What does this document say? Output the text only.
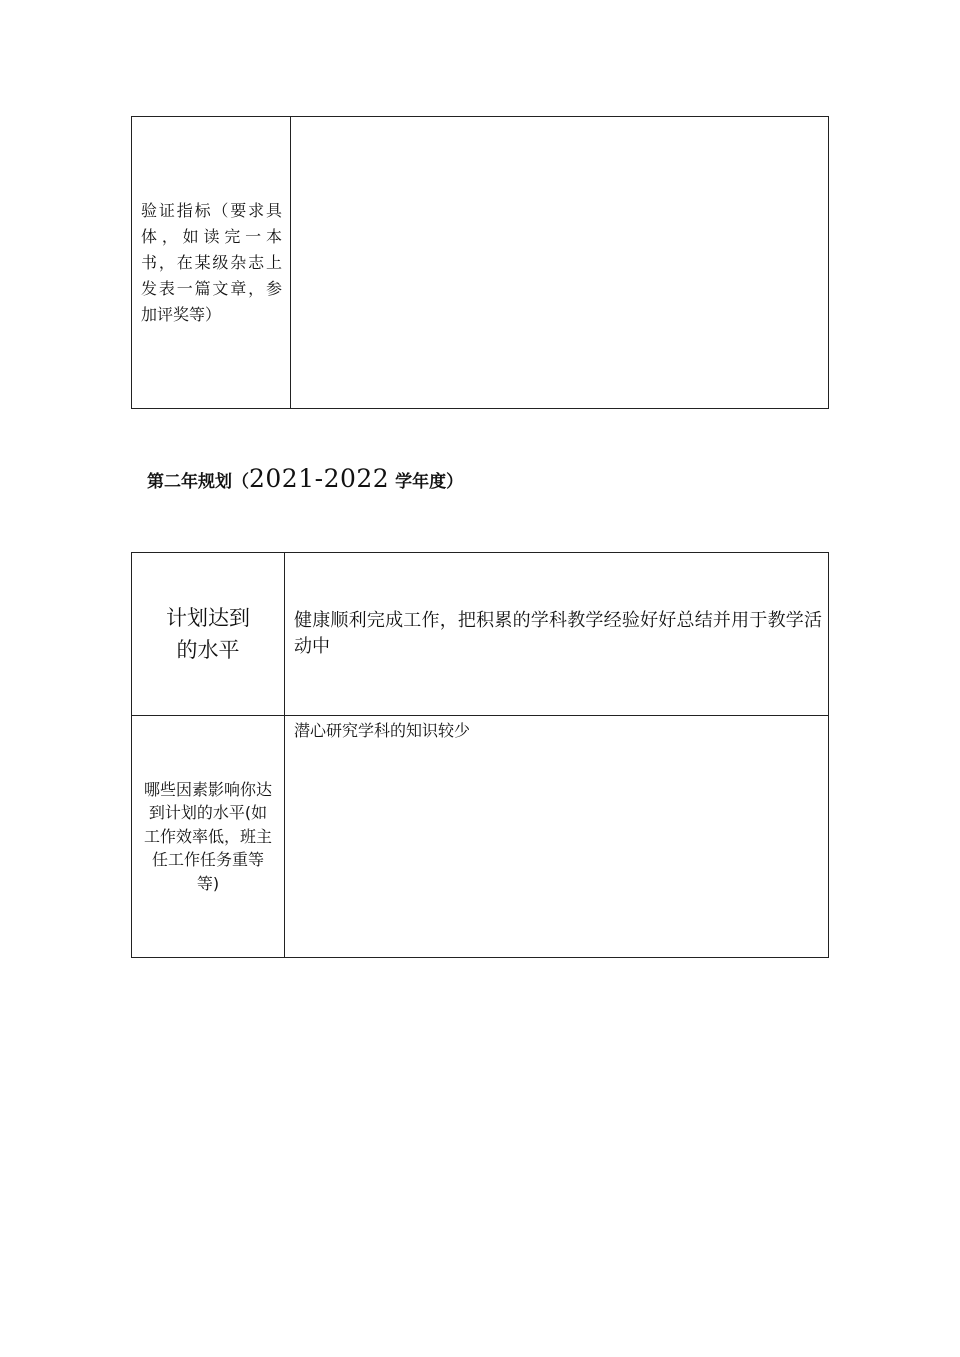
验证指标（要求具体，如读完一本书，在某级杂志上发表一篇文章，参加评奖等）	
第二年规划（2021-2022 学年度）
计划达到
的水平	健康顺利完成工作，把积累的学科教学经验好好总结并用于教学活动中
哪些因素影响你达到计划的水平(如工作效率低，班主任工作任务重等等)	潜心研究学科的知识较少
